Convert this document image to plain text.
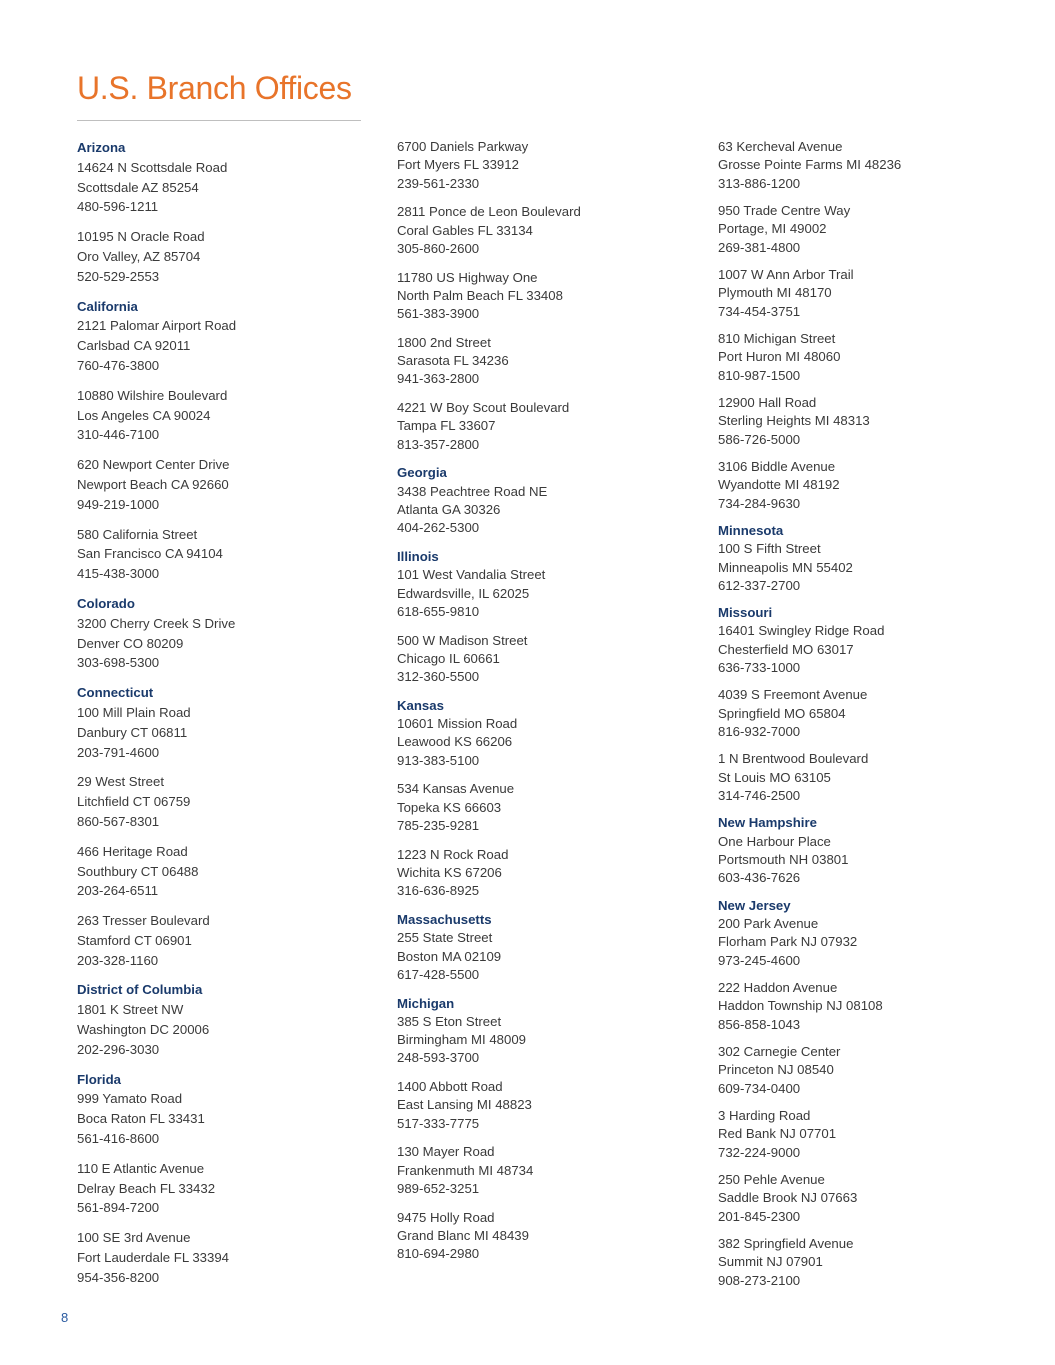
U.S. Branch Offices
Arizona
14624 N Scottsdale Road
Scottsdale AZ 85254
480-596-1211
10195 N Oracle Road
Oro Valley, AZ 85704
520-529-2553
California
2121 Palomar Airport Road
Carlsbad CA 92011
760-476-3800
10880 Wilshire Boulevard
Los Angeles CA 90024
310-446-7100
620 Newport Center Drive
Newport Beach CA 92660
949-219-1000
580 California Street
San Francisco CA 94104
415-438-3000
Colorado
3200 Cherry Creek S Drive
Denver CO 80209
303-698-5300
Connecticut
100 Mill Plain Road
Danbury CT 06811
203-791-4600
29 West Street
Litchfield CT 06759
860-567-8301
466 Heritage Road
Southbury CT 06488
203-264-6511
263 Tresser Boulevard
Stamford CT 06901
203-328-1160
District of Columbia
1801 K Street NW
Washington DC 20006
202-296-3030
Florida
999 Yamato Road
Boca Raton FL 33431
561-416-8600
110 E Atlantic Avenue
Delray Beach FL 33432
561-894-7200
100 SE 3rd Avenue
Fort Lauderdale FL 33394
954-356-8200
6700 Daniels Parkway
Fort Myers FL 33912
239-561-2330
2811 Ponce de Leon Boulevard
Coral Gables FL 33134
305-860-2600
11780 US Highway One
North Palm Beach FL 33408
561-383-3900
1800 2nd Street
Sarasota FL 34236
941-363-2800
4221 W Boy Scout Boulevard
Tampa FL 33607
813-357-2800
Georgia
3438 Peachtree Road NE
Atlanta GA 30326
404-262-5300
Illinois
101 West Vandalia Street
Edwardsville, IL 62025
618-655-9810
500 W Madison Street
Chicago IL 60661
312-360-5500
Kansas
10601 Mission Road
Leawood KS 66206
913-383-5100
534 Kansas Avenue
Topeka KS 66603
785-235-9281
1223 N Rock Road
Wichita KS 67206
316-636-8925
Massachusetts
255 State Street
Boston MA 02109
617-428-5500
Michigan
385 S Eton Street
Birmingham MI 48009
248-593-3700
1400 Abbott Road
East Lansing MI 48823
517-333-7775
130 Mayer Road
Frankenmuth MI 48734
989-652-3251
9475 Holly Road
Grand Blanc MI 48439
810-694-2980
63 Kercheval Avenue
Grosse Pointe Farms MI 48236
313-886-1200
950 Trade Centre Way
Portage, MI 49002
269-381-4800
1007 W Ann Arbor Trail
Plymouth MI 48170
734-454-3751
810 Michigan Street
Port Huron MI 48060
810-987-1500
12900 Hall Road
Sterling Heights MI 48313
586-726-5000
3106 Biddle Avenue
Wyandotte MI 48192
734-284-9630
Minnesota
100 S Fifth Street
Minneapolis MN 55402
612-337-2700
Missouri
16401 Swingley Ridge Road
Chesterfield MO 63017
636-733-1000
4039 S Freemont Avenue
Springfield MO 65804
816-932-7000
1 N Brentwood Boulevard
St Louis MO 63105
314-746-2500
New Hampshire
One Harbour Place
Portsmouth NH 03801
603-436-7626
New Jersey
200 Park Avenue
Florham Park NJ 07932
973-245-4600
222 Haddon Avenue
Haddon Township NJ 08108
856-858-1043
302 Carnegie Center
Princeton NJ 08540
609-734-0400
3 Harding Road
Red Bank NJ 07701
732-224-9000
250 Pehle Avenue
Saddle Brook NJ 07663
201-845-2300
382 Springfield Avenue
Summit NJ 07901
908-273-2100
8
